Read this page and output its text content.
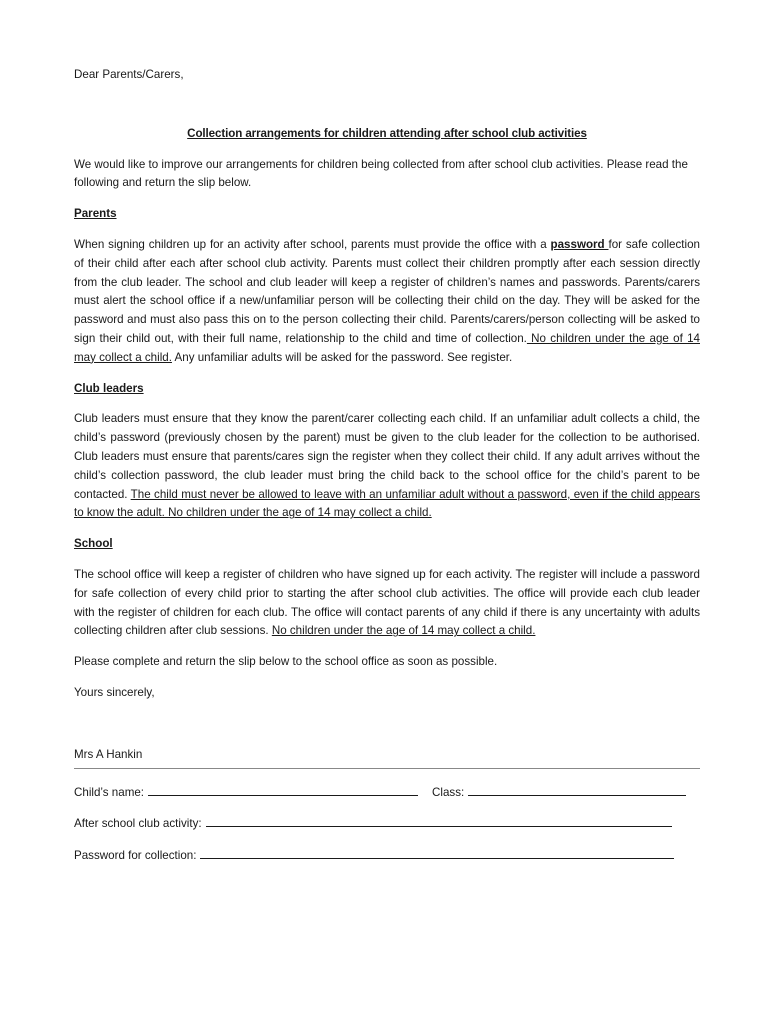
Dear Parents/Carers,

Collection arrangements for children attending after school club activities

We would like to improve our arrangements for children being collected from after school club activities. Please read the following and return the slip below.

Parents

When signing children up for an activity after school, parents must provide the office with a password for safe collection of their child after each after school club activity. Parents must collect their children promptly after each session directly from the club leader. The school and club leader will keep a register of children’s names and passwords. Parents/carers must alert the school office if a new/unfamiliar person will be collecting their child on the day. They will be asked for the password and must also pass this on to the person collecting their child. Parents/carers/person collecting will be asked to sign their child out, with their full name, relationship to the child and time of collection. No children under the age of 14 may collect a child. Any unfamiliar adults will be asked for the password. See register.

Club leaders

Club leaders must ensure that they know the parent/carer collecting each child. If an unfamiliar adult collects a child, the child’s password (previously chosen by the parent) must be given to the club leader for the collection to be authorised. Club leaders must ensure that parents/cares sign the register when they collect their child. If any adult arrives without the child’s collection password, the club leader must bring the child back to the school office for the child’s parent to be contacted. The child must never be allowed to leave with an unfamiliar adult without a password, even if the child appears to know the adult. No children under the age of 14 may collect a child.

School

The school office will keep a register of children who have signed up for each activity. The register will include a password for safe collection of every child prior to starting the after school club activities. The office will provide each club leader with the register of children for each club. The office will contact parents of any child if there is any uncertainty with adults collecting children after club sessions. No children under the age of 14 may collect a child.

Please complete and return the slip below to the school office as soon as possible.

Yours sincerely,

Mrs A Hankin

Child’s name:	Class:
After school club activity:
Password for collection:
